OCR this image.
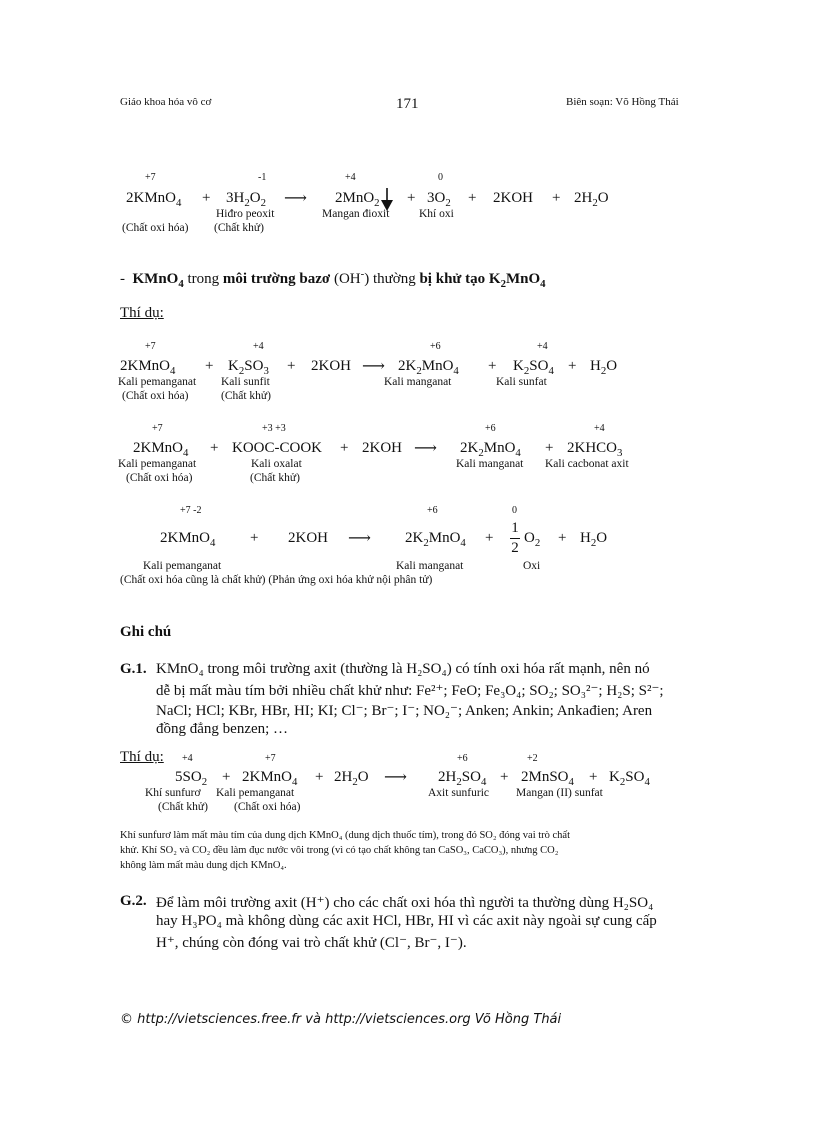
Giáo khoa hóa vô cơ	171	Biên soạn: Võ Hồng Thái
+7	-1	+4	0
2KMnO$_4$ + $3H_2O_2$ ⟶ $2MnO_2 + 3O_2 + 2KOH + 2H_2O$
Hiđro peoxit	Mangan đioxit	Khí oxi
(Chất oxi hóa) (Chất khử)
- KMnO$_4$ trong môi trường bazơ (OH-) thường bị khử tạo $K_2MnO_4$
Thí dụ:
+7	+4	+6	+4
2KMnO$_4$ + $K_2SO_3 + 2KOH$ ⟶ $2K_2MnO_4 + K_2SO_4 + H_2O$
Kali pemanganat Kali sunfit	Kali manganat	Kali sunfat
(Chất oxi hóa)	(Chất khử)
+7	+3 +3	+6	+4
2KMnO$_4$ + KOOC-COOK + 2KOH ⟶ $2K_2MnO_4$ + $2KHCO_3$
Kali pemanganat	Kali oxalat	Kali manganat Kali cacbonat axit
(Chất oxi hóa)	(Chất khử)
+7 -2	+6	0
2KMnO$_4$ + 2KOH ⟶ $2K_2MnO_4$ +
1
2
$O_2 + H_2O$
Kali pemanganat	Kali manganat	Oxi
(Chất oxi hóa cũng là chất khử) (Phản ứng oxi hóa khử nội phân tử)
Ghi chú
G.1. KMnO₄ trong môi trường axit (thường là H₂SO₄) có tính oxi hóa rất mạnh, nên nó
dễ bị mất màu tím bởi nhiều chất khử như: Fe²⁺; FeO; Fe₃O₄; SO₂; SO₃²⁻; H₂S; S²⁻;
NaCl; HCl; KBr, HBr, HI; KI; Cl⁻; Br⁻; I⁻; NO₂⁻; Anken; Ankin; Ankađien; Aren
đồng đẳng benzen; …
Thí dụ: +4	+7	+6	+2
$5SO_2$ + 2KMnO$_4$ + $2H_2O$ ⟶ $2H_2SO_4$ + 2MnSO$_4$ + $K_2SO_4$
Khí sunfurơ Kali pemanganat	Axit sunfuric Mangan (II) sunfat
(Chất khử) (Chất oxi hóa)
Khí sunfurơ làm mất màu tím của dung dịch KMnO₄ (dung dịch thuốc tím), trong đó SO₂ đóng vai trò chất
khử. Khí SO₂ và CO₂ đều làm đục nước vôi trong (vì có tạo chất không tan CaSO₃, CaCO₃), nhưng CO₂
không làm mất màu dung dịch KMnO₄.
G.2. Để làm môi trường axit (H⁺) cho các chất oxi hóa thì người ta thường dùng H₂SO₄
hay H₃PO₄ mà không dùng các axit HCl, HBr, HI vì các axit này ngoài sự cung cấp
H⁺, chúng còn đóng vai trò chất khử (Cl⁻, Br⁻, I⁻).
© http://vietsciences.free.fr và http://vietsciences.org Võ Hồng Thái
